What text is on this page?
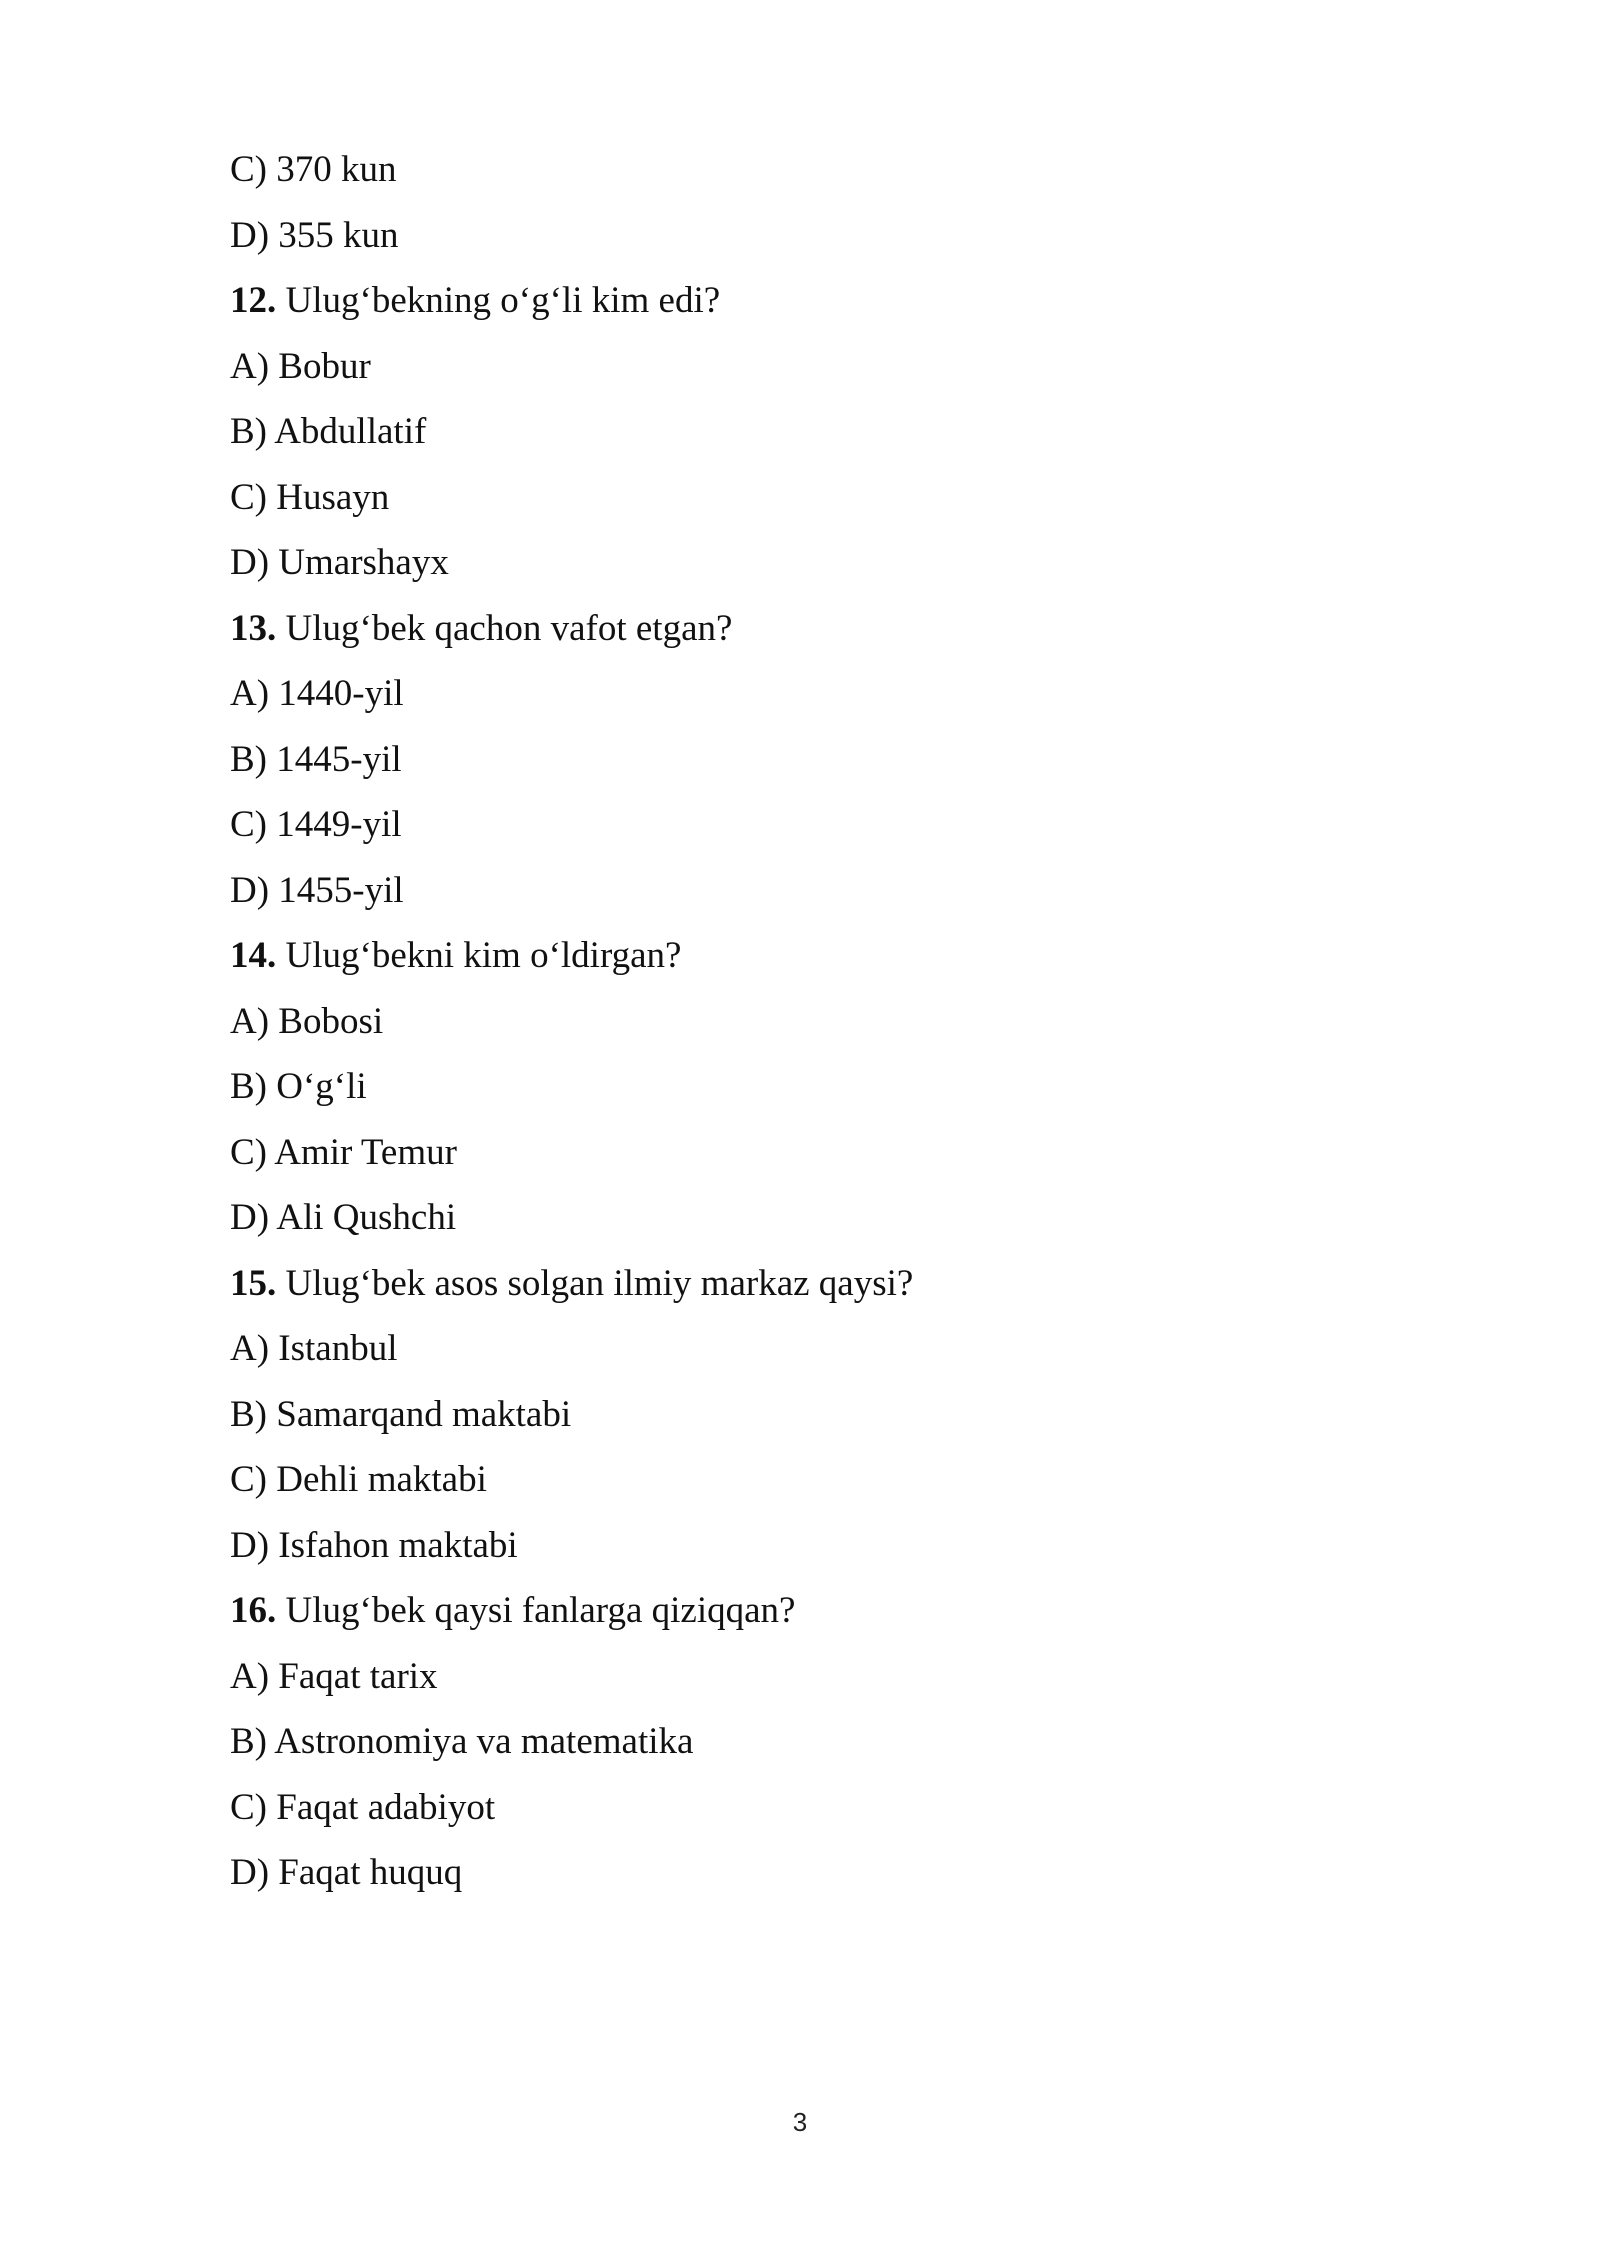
C) 370 kun
D) 355 kun
12. Ulug‘bekning o‘g‘li kim edi?
A) Bobur
B) Abdullatif
C) Husayn
D) Umarshayx
13. Ulug‘bek qachon vafot etgan?
A) 1440-yil
B) 1445-yil
C) 1449-yil
D) 1455-yil
14. Ulug‘bekni kim o‘ldirgan?
A) Bobosi
B) O‘g‘li
C) Amir Temur
D) Ali Qushchi
15. Ulug‘bek asos solgan ilmiy markaz qaysi?
A) Istanbul
B) Samarqand maktabi
C) Dehli maktabi
D) Isfahon maktabi
16. Ulug‘bek qaysi fanlarga qiziqqan?
A) Faqat tarix
B) Astronomiya va matematika
C) Faqat adabiyot
D) Faqat huquq
3
